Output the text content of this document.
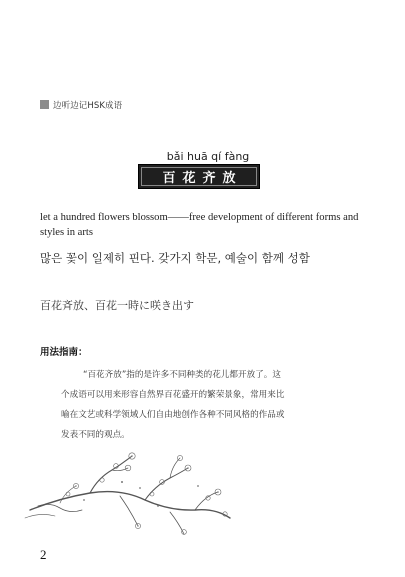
边听边记HSK成语
bǎi huā qí fàng
百花齐放
let a hundred flowers blossom——free development of different forms and styles in arts
많은 꽃이 일제히 핀다. 갖가지 학문, 예술이 함께 성함
百花斉放、百花一時に咲き出す
用法指南：
“百花齐放”指的是许多不同种类的花儿都开放了。这个成语可以用来形容自然界百花盛开的繁荣景象，常用来比喻在文艺或科学领域人们自由地创作各种不同风格的作品或发表不同的观点。
2
